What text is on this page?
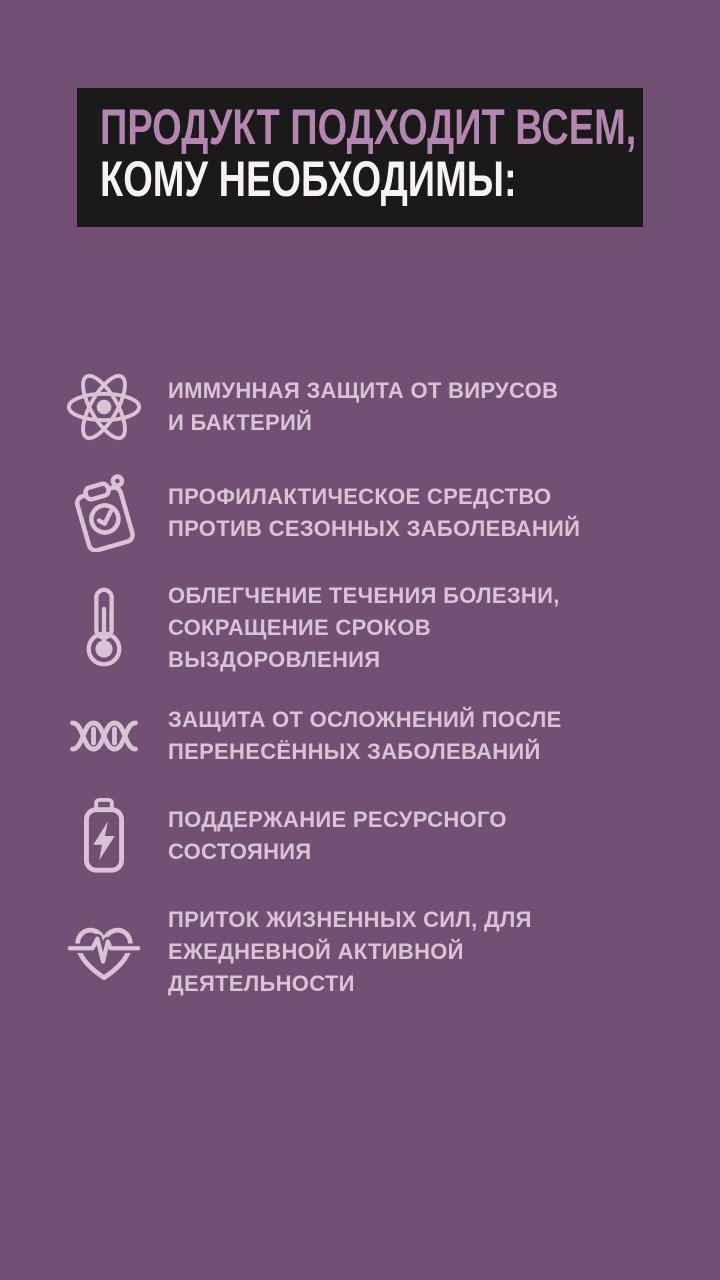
ПРОДУКТ ПОДХОДИТ ВСЕМ,
КОМУ НЕОБХОДИМЫ:
ИММУННАЯ ЗАЩИТА ОТ ВИРУСОВ
И БАКТЕРИЙ
ПРОФИЛАКТИЧЕСКОЕ СРЕДСТВО
ПРОТИВ СЕЗОННЫХ ЗАБОЛЕВАНИЙ
ОБЛЕГЧЕНИЕ ТЕЧЕНИЯ БОЛЕЗНИ,
СОКРАЩЕНИЕ СРОКОВ
ВЫЗДОРОВЛЕНИЯ
ЗАЩИТА ОТ ОСЛОЖНЕНИЙ ПОСЛЕ
ПЕРЕНЕСЁННЫХ ЗАБОЛЕВАНИЙ
ПОДДЕРЖАНИЕ РЕСУРСНОГО
СОСТОЯНИЯ
ПРИТОК ЖИЗНЕННЫХ СИЛ, ДЛЯ
ЕЖЕДНЕВНОЙ АКТИВНОЙ
ДЕЯТЕЛЬНОСТИ
